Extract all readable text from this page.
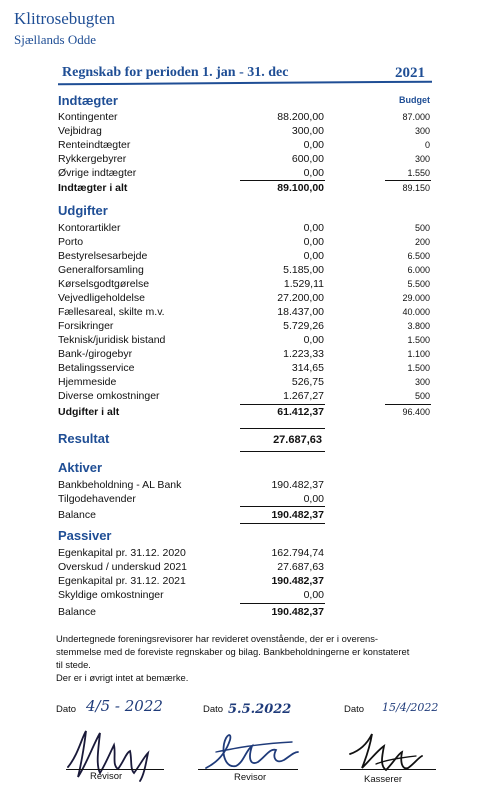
Klitrosebugten
Sjællands Odde
Regnskab for perioden 1. jan - 31. dec	2021
Indtægter	Budget
Kontingenter	88.200,00	87.000
Vejbidrag	300,00	300
Renteindtægter	0,00	0
Rykkergebyrer	600,00	300
Øvrige indtægter	0,00	1.550
Indtægter i alt	89.100,00	89.150
Udgifter
Kontorartikler	0,00	500
Porto	0,00	200
Bestyrelsesarbejde	0,00	6.500
Generalforsamling	5.185,00	6.000
Kørselsgodtgørelse	1.529,11	5.500
Vejvedligeholdelse	27.200,00	29.000
Fællesareal, skilte m.v.	18.437,00	40.000
Forsikringer	5.729,26	3.800
Teknisk/juridisk bistand	0,00	1.500
Bank-/girogebyr	1.223,33	1.100
Betalingsservice	314,65	1.500
Hjemmeside	526,75	300
Diverse omkostninger	1.267,27	500
Udgifter i alt	61.412,37	96.400
Resultat	27.687,63
Aktiver
Bankbeholdning - AL Bank	190.482,37
Tilgodehavender	0,00
Balance	190.482,37
Passiver
Egenkapital pr. 31.12. 2020	162.794,74
Overskud / underskud 2021	27.687,63
Egenkapital pr. 31.12. 2021	190.482,37
Skyldige omkostninger	0,00
Balance	190.482,37
Undertegnede foreningsrevisorer har revideret ovenstående, der er i overens-
stemmelse med de foreviste regnskaber og bilag. Bankbeholdningerne er konstateret
til stede.
Der er i øvrigt intet at bemærke.
Dato 4/5 - 2022	Dato 5.5.2022	Dato 15/4/2022
Revisor	Revisor	Kasserer
